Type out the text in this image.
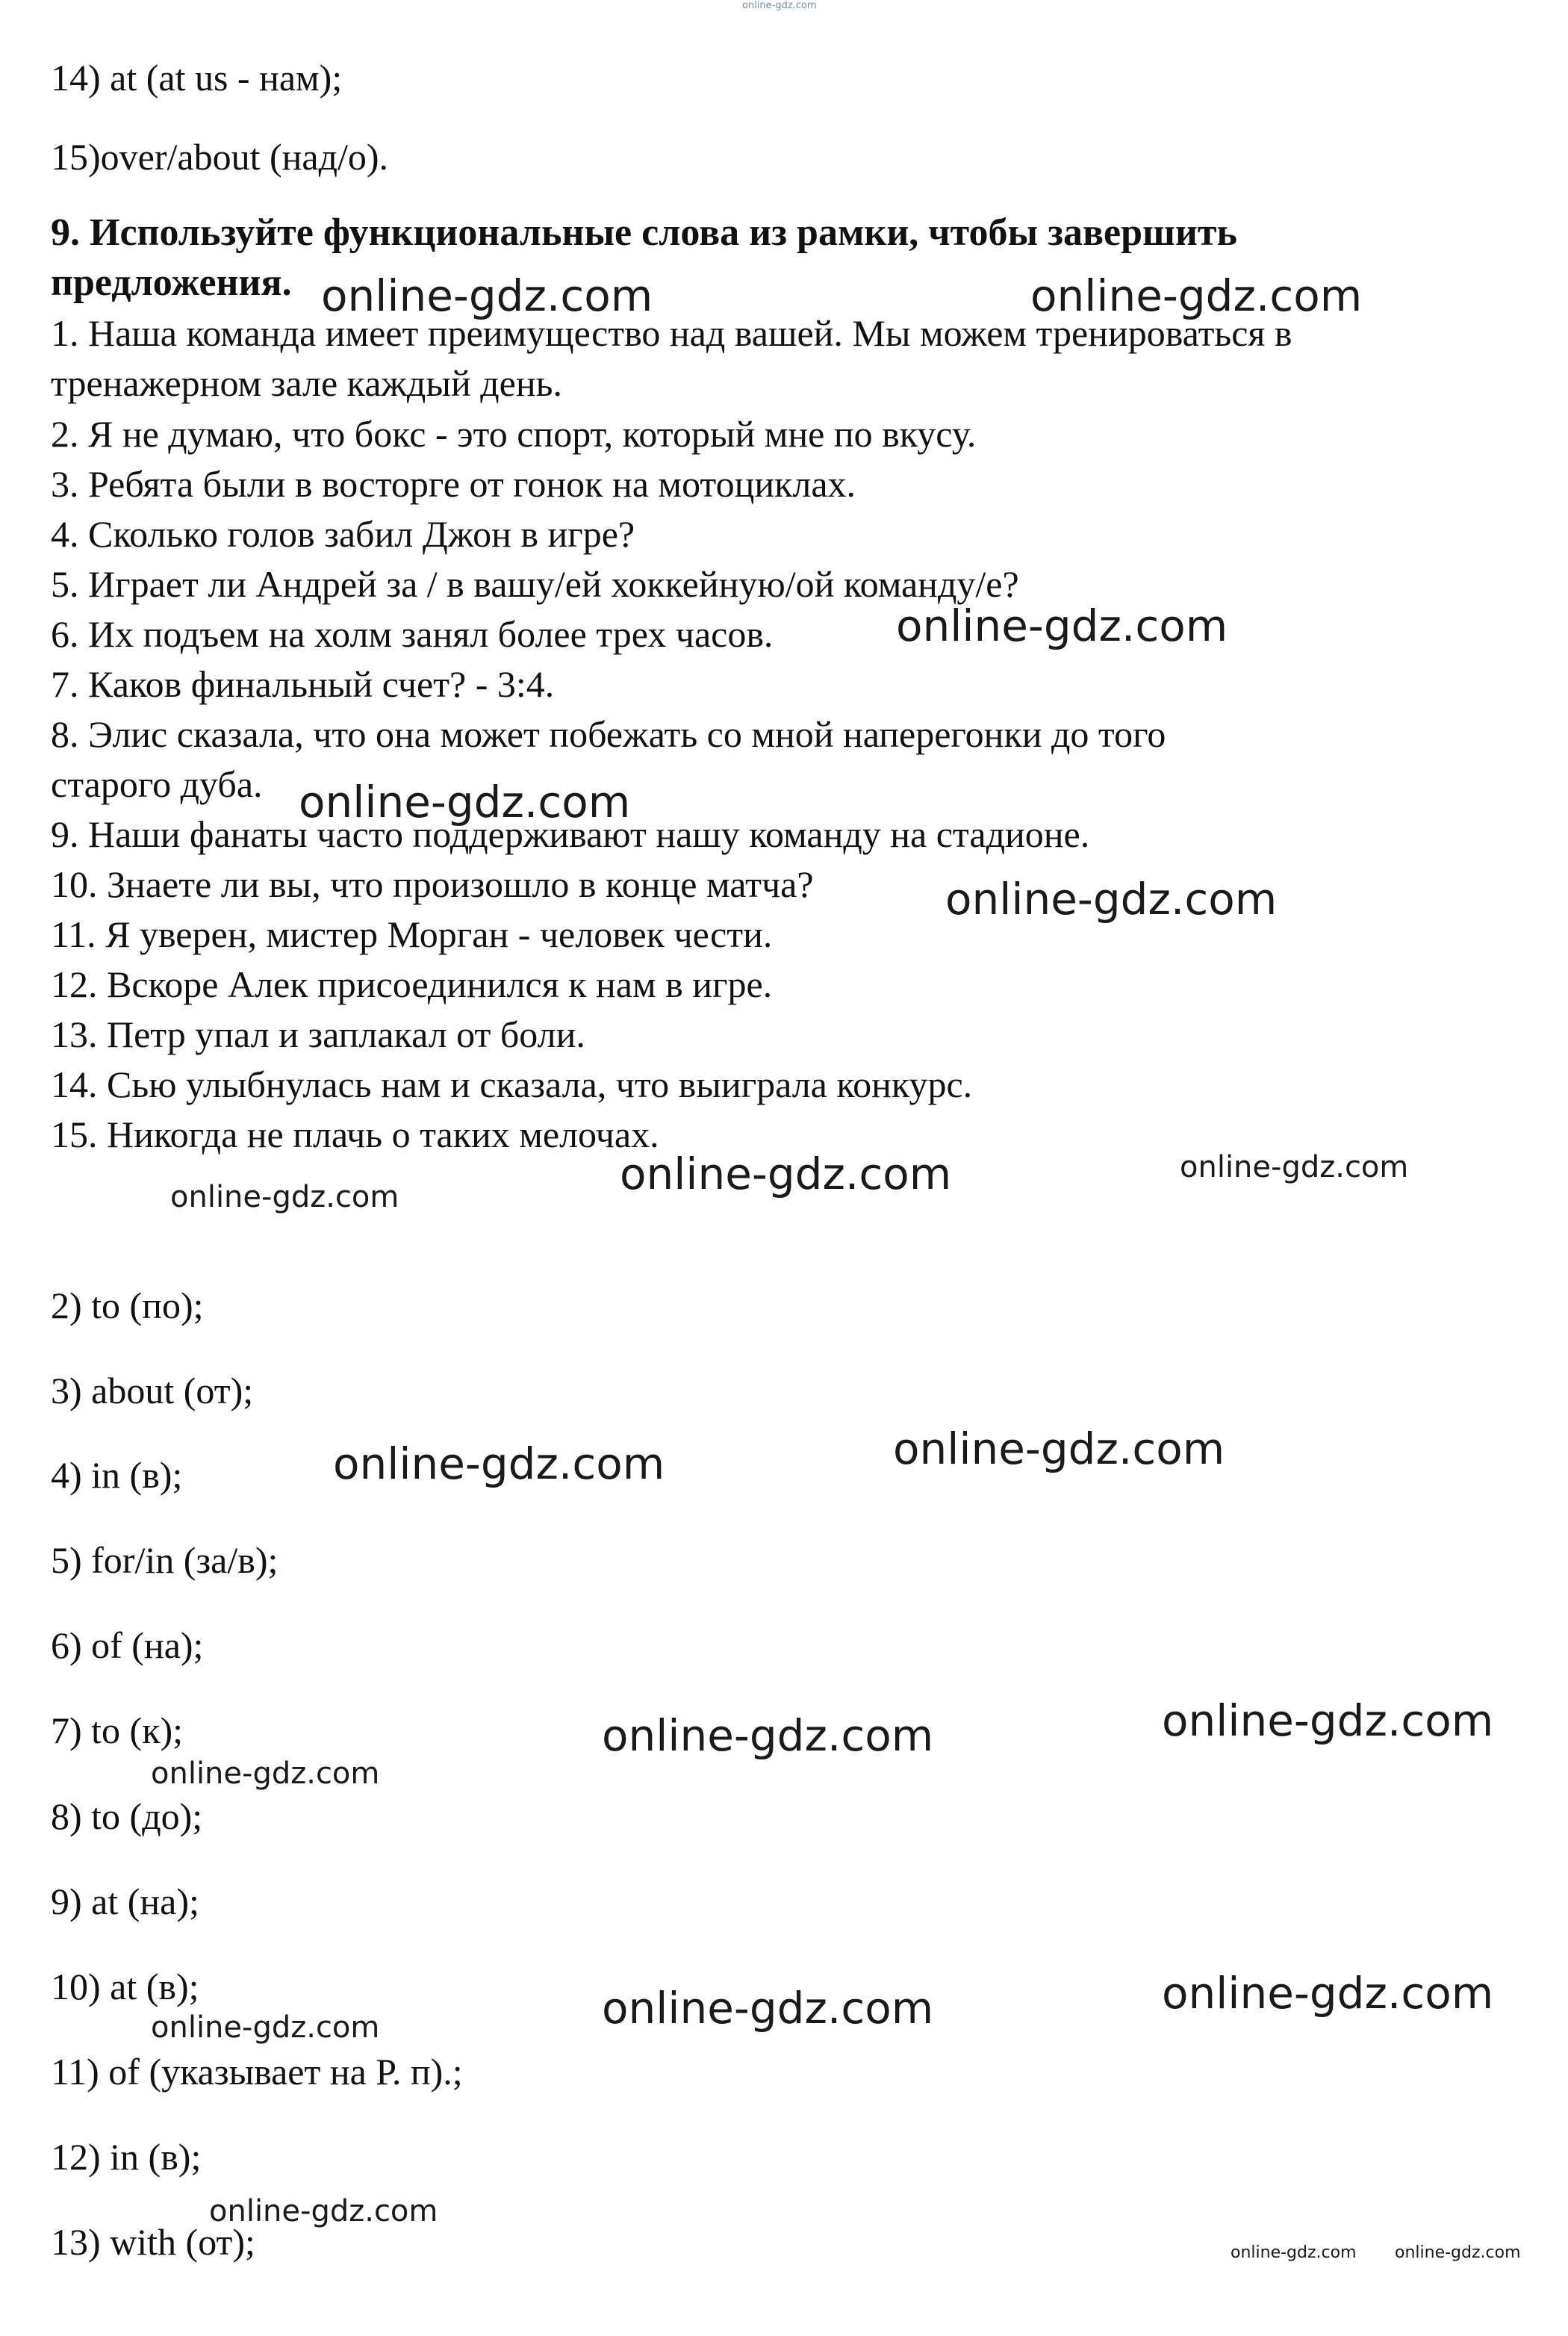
online-gdz.com
14) at (at us - нам);
15)over/about (над/о).
9. Используйте функциональные слова из рамки, чтобы завершить
предложения.
1. Наша команда имеет преимущество над вашей. Мы можем тренироваться в
тренажерном зале каждый день.
2. Я не думаю, что бокс - это спорт, который мне по вкусу.
3. Ребята были в восторге от гонок на мотоциклах.
4. Сколько голов забил Джон в игре?
5. Играет ли Андрей за / в вашу/ей хоккейную/ой команду/е?
6. Их подъем на холм занял более трех часов.
7. Каков финальный счет? - 3:4.
8. Элис сказала, что она может побежать со мной наперегонки до того
старого дуба.
9. Наши фанаты часто поддерживают нашу команду на стадионе.
10. Знаете ли вы, что произошло в конце матча?
11. Я уверен, мистер Морган - человек чести.
12. Вскоре Алек присоединился к нам в игре.
13. Петр упал и заплакал от боли.
14. Сью улыбнулась нам и сказала, что выиграла конкурс.
15. Никогда не плачь о таких мелочах.
2) to (по);
3) about (от);
4) in (в);
5) for/in (за/в);
6) of (на);
7) to (к);
8) to (до);
9) at (на);
10) at (в);
11) of (указывает на Р. п).;
12) in (в);
13) with (от);
online-gdz.com	online-gdz.com
online-gdz.com
online-gdz.com
online-gdz.com
online-gdz.com	online-gdz.com
online-gdz.com
online-gdz.com	online-gdz.com
online-gdz.com	online-gdz.com
online-gdz.com
online-gdz.com	online-gdz.com
online-gdz.com
online-gdz.com
online-gdz.com online-gdz.com
